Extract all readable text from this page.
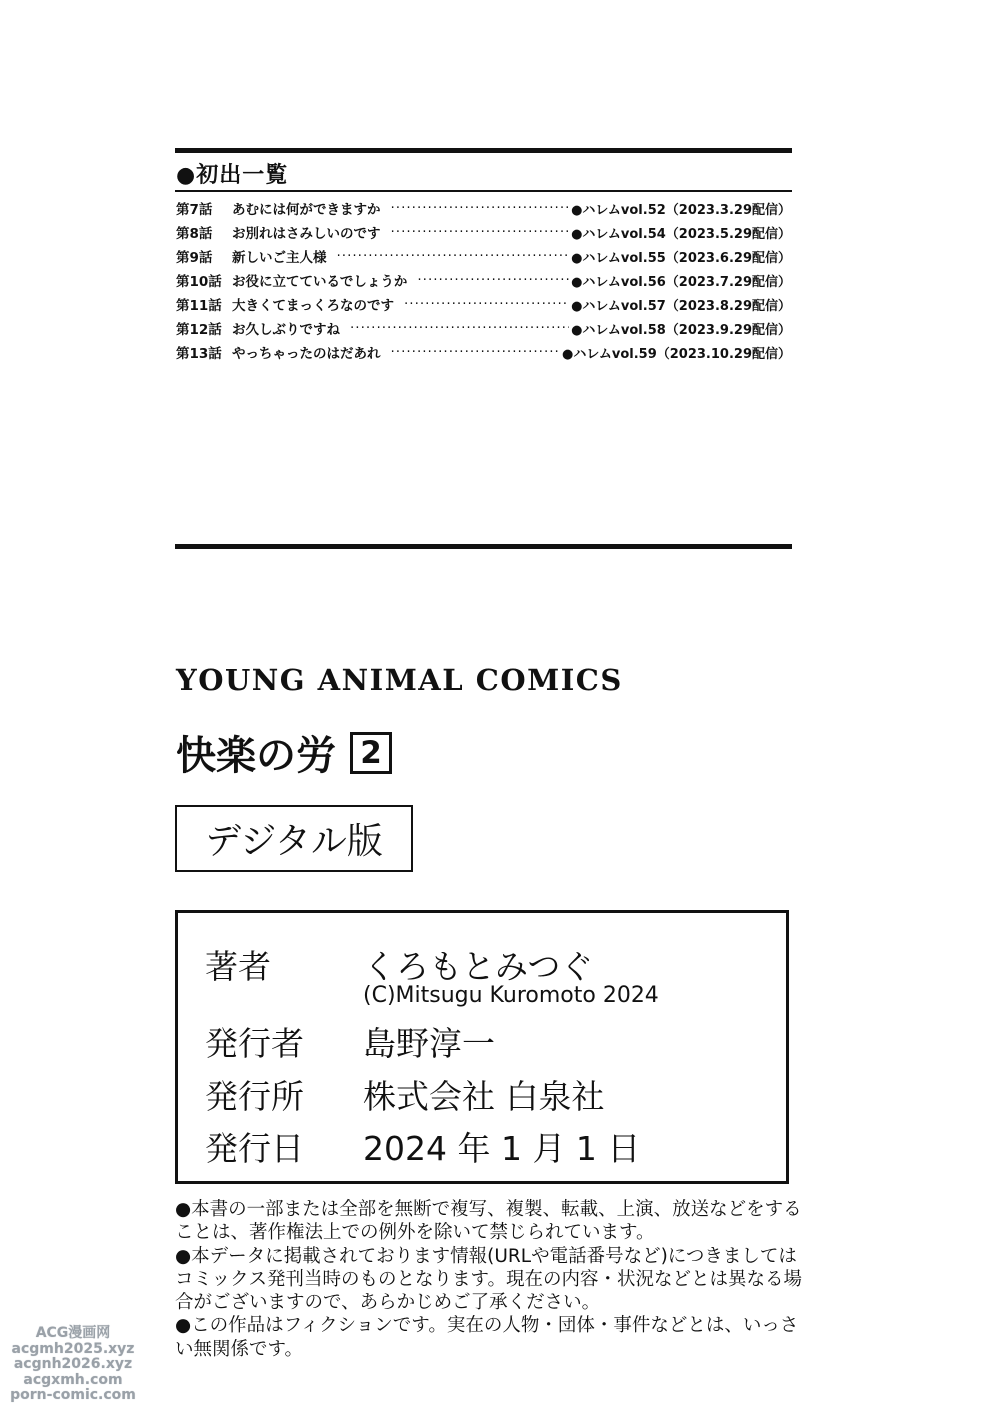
●初出一覧
第7話	あむには何ができますか ·····	●ハレムvol.52（2023.3.29配信）
第8話	お別れはさみしいのです ·····	●ハレムvol.54（2023.5.29配信）
第9話	新しいご主人様 ·····	●ハレムvol.55（2023.6.29配信）
第10話 お役に立てているでしょうか ·····	●ハレムvol.56（2023.7.29配信）
第11話 大きくてまっくろなのです ·····	●ハレムvol.57（2023.8.29配信）
第12話 お久しぶりですね ·····	●ハレムvol.58（2023.9.29配信）
第13話 やっちゃったのはだあれ ·····	●ハレムvol.59（2023.10.29配信）
YOUNG ANIMAL COMICS
快楽の労 2
デジタル版
著者	くろもとみつぐ
(C)Mitsugu Kuromoto 2024
発行者 島野淳一
発行所 株式会社 白泉社
発行日 2024 年 1 月 1 日

●本書の一部または全部を無断で複写、複製、転載、上演、放送などをすることは、著作権法上での例外を除いて禁じられています。

●本データに掲載されております情報(URLや電話番号など)につきましてはコミックス発刊当時のものとなります。現在の内容・状況などとは異なる場合がございますので、あらかじめご了承ください。

●この作品はフィクションです。実在の人物・団体・事件などとは、いっさい無関係です。

ACG漫画网
acgmh2025.xyz
acgnh2026.xyz
acgxmh.com
porn-comic.com
